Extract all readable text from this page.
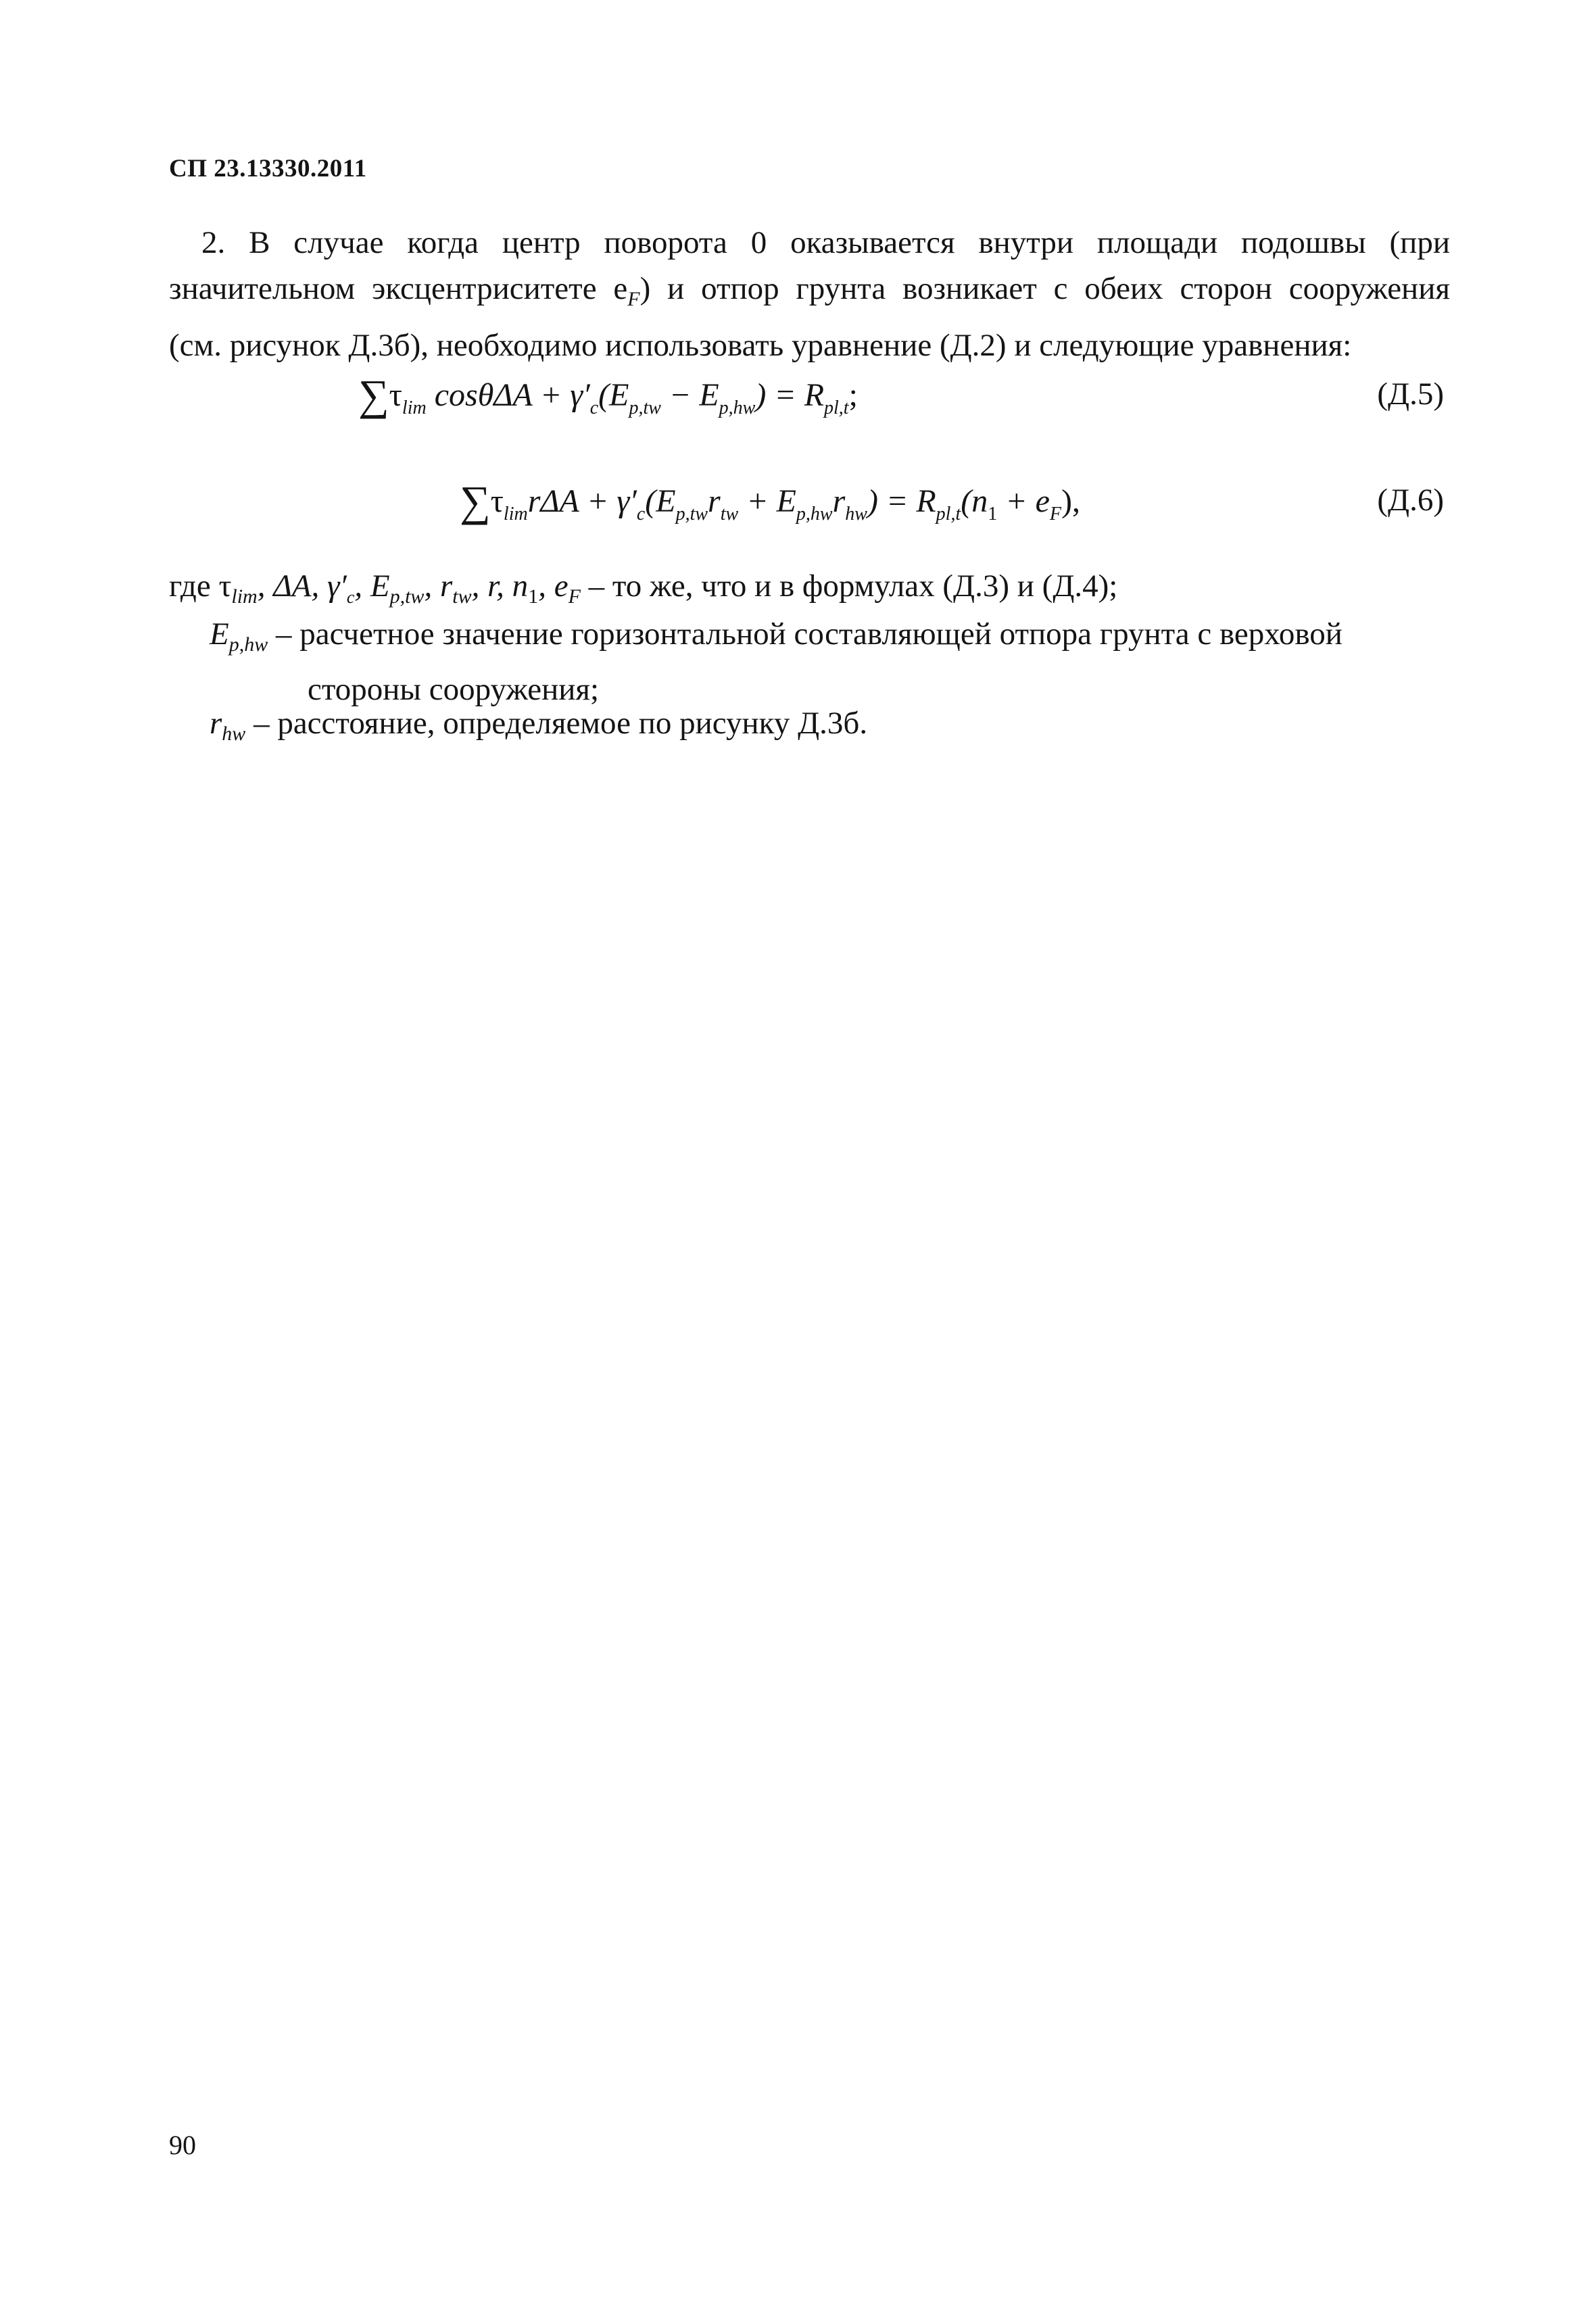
СП 23.13330.2011
2. В случае когда центр поворота 0 оказывается внутри площади подошвы (при
значительном эксцентриситете $e_F$) и отпор грунта возникает с обеих сторон сооружения
(см. рисунок Д.3б), необходимо использовать уравнение (Д.2) и следующие уравнения:
$\sum\tau_{lim}$ $\cos\theta\Delta A + \gamma'_c(E_{p,tw} - E_{p,hw}) = R_{pl,t}$;	(Д.5)
$\sum\tau_{lim}r\Delta A + \gamma'_c(E_{p,tw}r_{tw} + E_{p,hw}r_{hw}) = R_{pl,t}(n_1 + e_F)$,	(Д.6)
где $\tau_{lim}$, ΔA, $\gamma'_c$, $E_{p,tw}$, $r_{tw}$, r, $n_1$, $e_F$ – то же, что и в формулах (Д.3) и (Д.4);
$E_{p,hw}$ – расчетное значение горизонтальной составляющей отпора грунта с верховой
стороны сооружения;
$r_{hw}$ – расстояние, определяемое по рисунку Д.3б.
90
